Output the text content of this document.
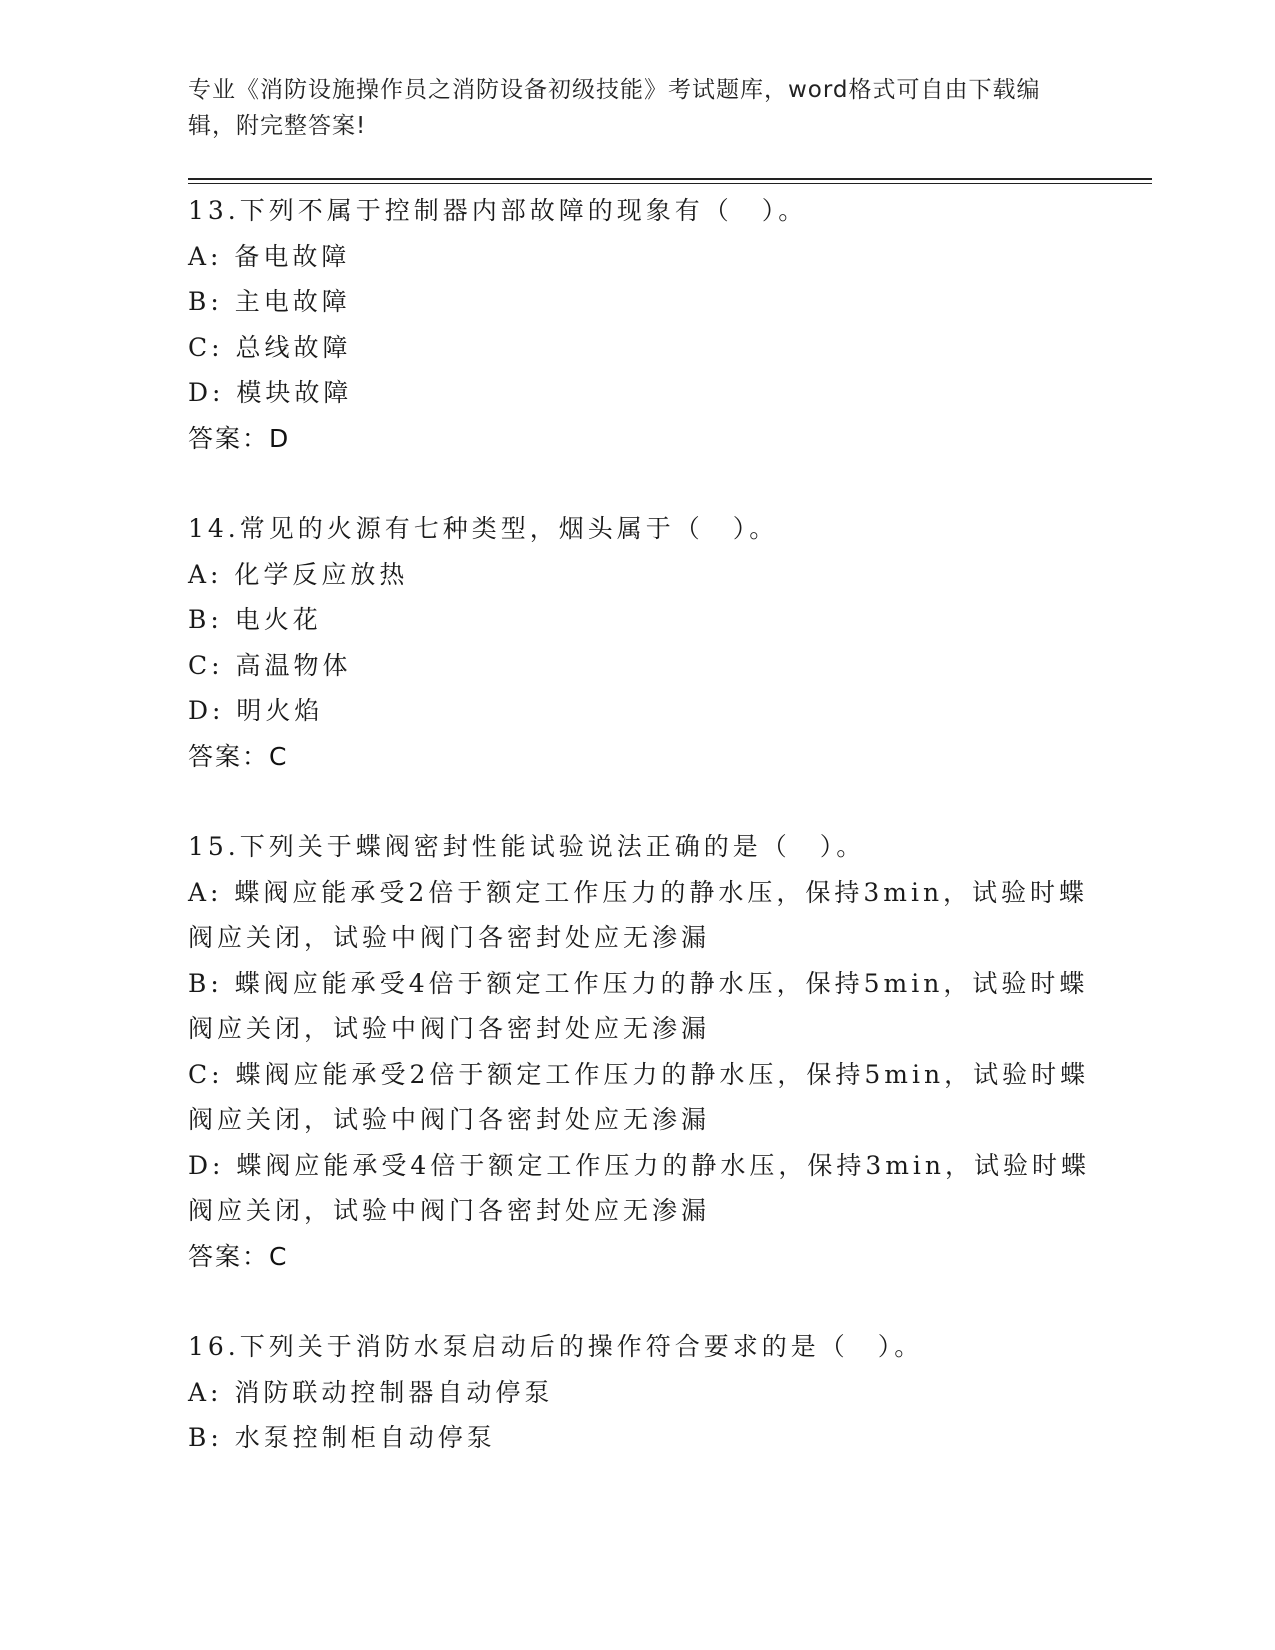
专业《消防设施操作员之消防设备初级技能》考试题库，word格式可自由下载编
辑，附完整答案!
13.下列不属于控制器内部故障的现象有（　）。
A: 备电故障
B: 主电故障
C: 总线故障
D: 模块故障
答案：D
14.常见的火源有七种类型，烟头属于（　）。
A: 化学反应放热
B: 电火花
C: 高温物体
D: 明火焰
答案：C
15.下列关于蝶阀密封性能试验说法正确的是（　）。
A: 蝶阀应能承受2倍于额定工作压力的静水压，保持3min，试验时蝶
阀应关闭，试验中阀门各密封处应无渗漏
B: 蝶阀应能承受4倍于额定工作压力的静水压，保持5min，试验时蝶
阀应关闭，试验中阀门各密封处应无渗漏
C: 蝶阀应能承受2倍于额定工作压力的静水压，保持5min，试验时蝶
阀应关闭，试验中阀门各密封处应无渗漏
D: 蝶阀应能承受4倍于额定工作压力的静水压，保持3min，试验时蝶
阀应关闭，试验中阀门各密封处应无渗漏
答案：C
16.下列关于消防水泵启动后的操作符合要求的是（　）。
A: 消防联动控制器自动停泵
B: 水泵控制柜自动停泵
